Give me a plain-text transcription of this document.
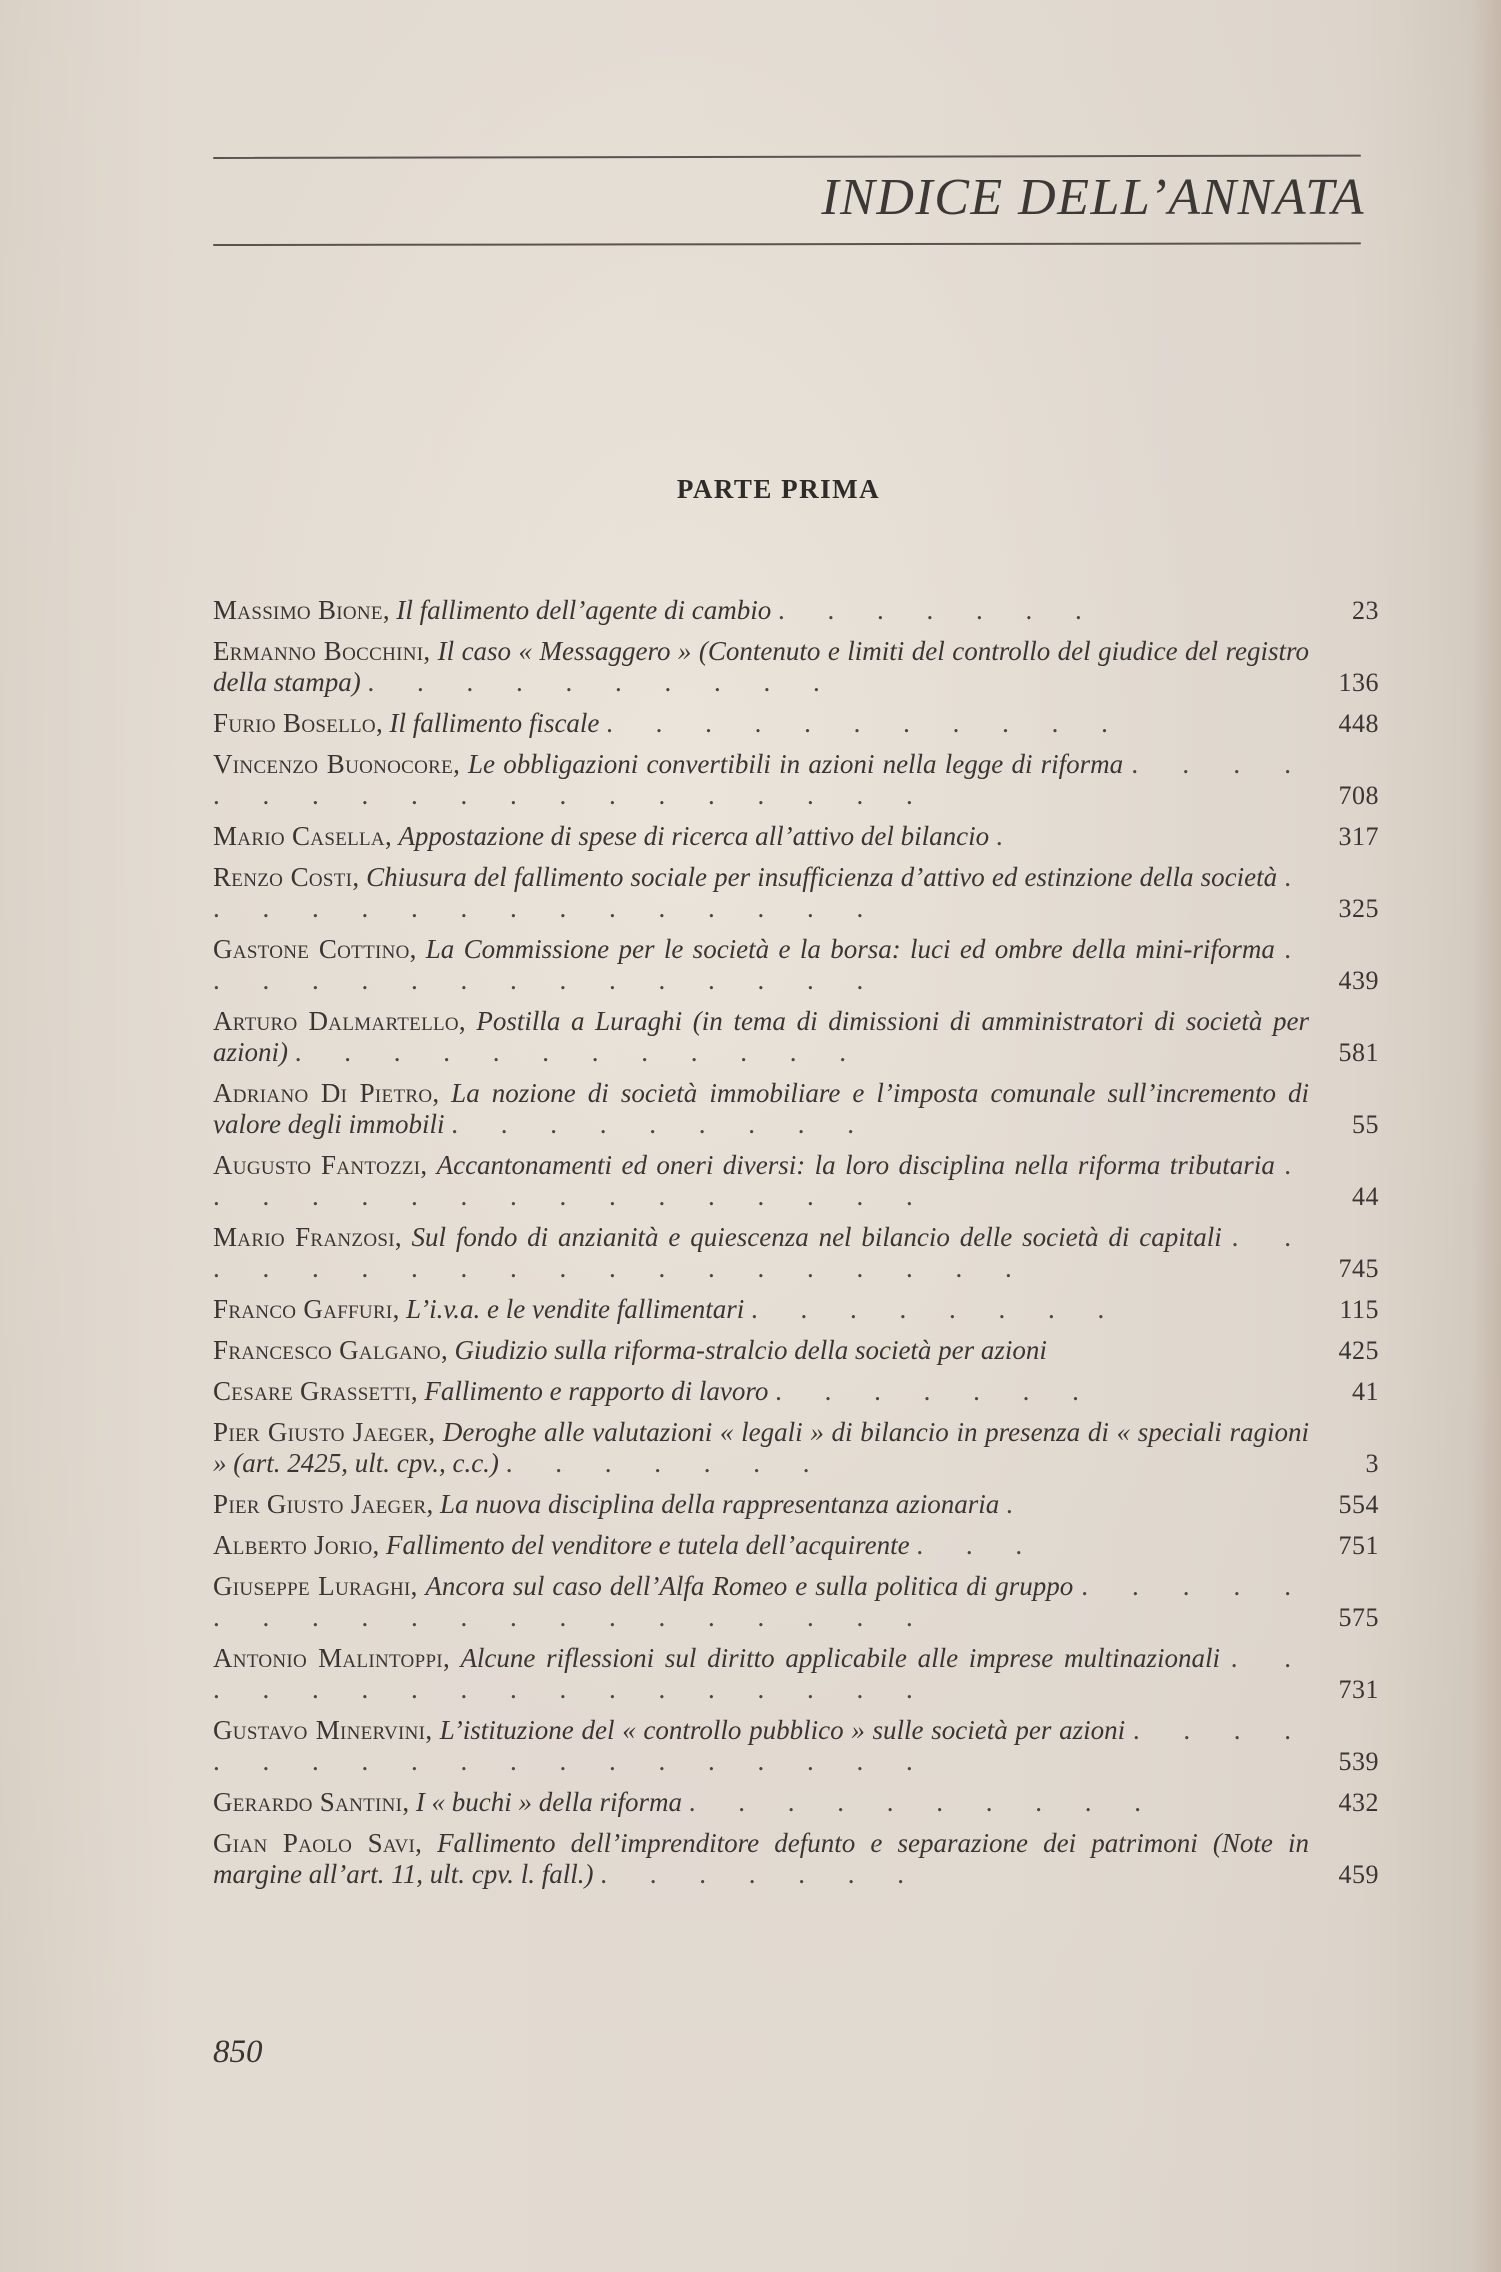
INDICE DELL’ANNATA
PARTE PRIMA
Massimo Bione, Il fallimento dell’agente di cambio . . . . . . .	23
Ermanno Bocchini, Il caso « Messaggero » (Contenuto e limiti del controllo del giudice del registro della stampa) . . . . . . . . . .	136
Furio Bosello, Il fallimento fiscale . . . . . . . . . . .	448
Vincenzo Buonocore, Le obbligazioni convertibili in azioni nella legge di riforma . . . . . . . . . . . . . . . . . . .	708
Mario Casella, Appostazione di spese di ricerca all’attivo del bilancio .	317
Renzo Costi, Chiusura del fallimento sociale per insufficienza d’attivo ed estinzione della società . . . . . . . . . . . . . . .	325
Gastone Cottino, La Commissione per le società e la borsa: luci ed ombre della mini-riforma . . . . . . . . . . . . . . .	439
Arturo Dalmartello, Postilla a Luraghi (in tema di dimissioni di amministratori di società per azioni) . . . . . . . . . . . .	581
Adriano Di Pietro, La nozione di società immobiliare e l’imposta comunale sull’incremento di valore degli immobili . . . . . . . . .	55
Augusto Fantozzi, Accantonamenti ed oneri diversi: la loro disciplina nella riforma tributaria . . . . . . . . . . . . . . . .	44
Mario Franzosi, Sul fondo di anzianità e quiescenza nel bilancio delle società di capitali . . . . . . . . . . . . . . . . . . .	745
Franco Gaffuri, L’i.v.a. e le vendite fallimentari . . . . . . . .	115
Francesco Galgano, Giudizio sulla riforma-stralcio della società per azioni	425
Cesare Grassetti, Fallimento e rapporto di lavoro . . . . . . .	41
Pier Giusto Jaeger, Deroghe alle valutazioni « legali » di bilancio in presenza di « speciali ragioni » (art. 2425, ult. cpv., c.c.) . . . . . . .	3
Pier Giusto Jaeger, La nuova disciplina della rappresentanza azionaria .	554
Alberto Jorio, Fallimento del venditore e tutela dell’acquirente . . .	751
Giuseppe Luraghi, Ancora sul caso dell’Alfa Romeo e sulla politica di gruppo . . . . . . . . . . . . . . . . . . . .	575
Antonio Malintoppi, Alcune riflessioni sul diritto applicabile alle imprese multinazionali . . . . . . . . . . . . . . . . .	731
Gustavo Minervini, L’istituzione del « controllo pubblico » sulle società per azioni . . . . . . . . . . . . . . . . . . .	539
Gerardo Santini, I « buchi » della riforma . . . . . . . . . .	432
Gian Paolo Savi, Fallimento dell’imprenditore defunto e separazione dei patrimoni (Note in margine all’art. 11, ult. cpv. l. fall.) . . . . . . .	459
850
